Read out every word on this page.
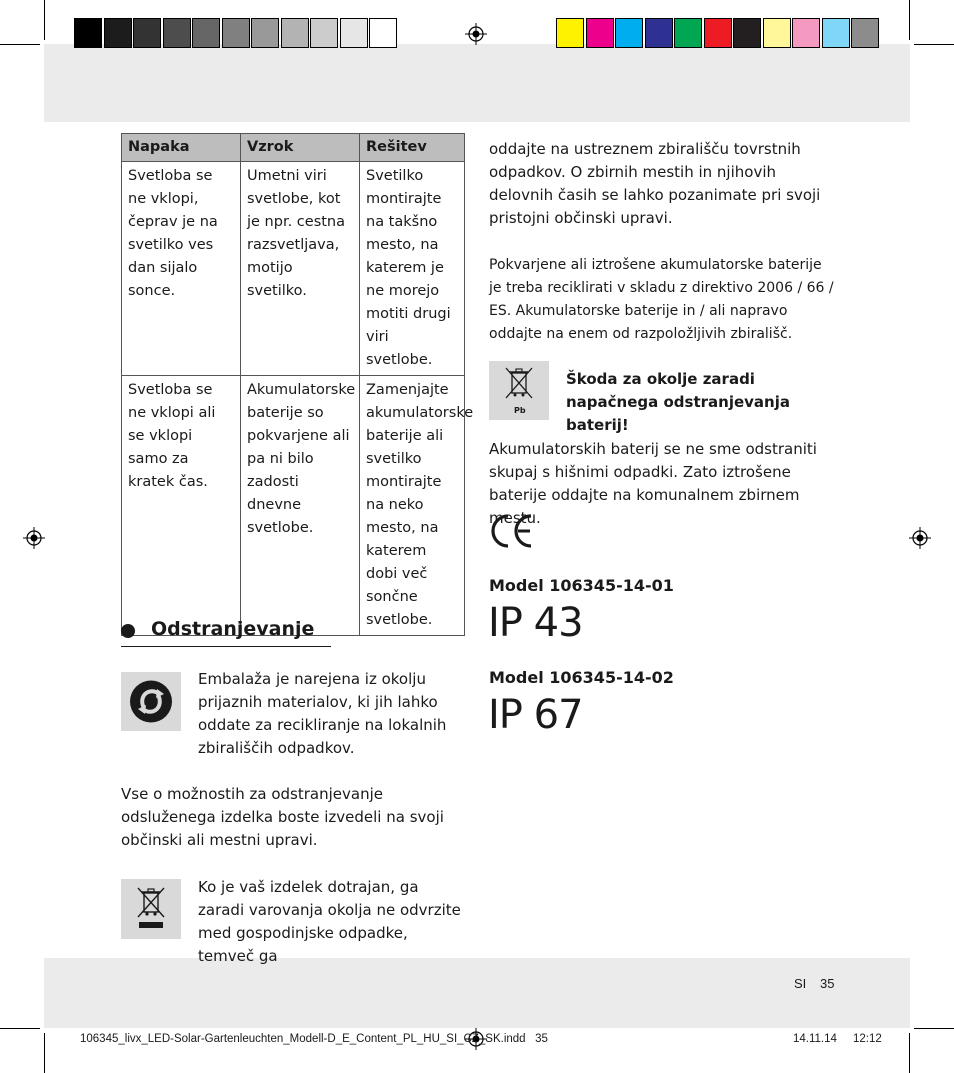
Napaka	Vzrok	Rešitev
Svetloba se ne vklopi, čeprav je na svetilko ves dan sijalo sonce.	Umetni viri svetlobe, kot je npr. cestna razsvetljava, motijo svetilko.	Svetilko montirajte na takšno mesto, na katerem je ne morejo motiti drugi viri svetlobe.
Svetloba se ne vklopi ali se vklopi samo za kratek čas.	Akumulatorske baterije so pokvarjene ali pa ni bilo zadosti dnevne svetlobe.	Zamenjajte akumulatorske baterije ali svetilko montirajte na neko mesto, na katerem dobi več sončne svetlobe.
Odstranjevanje
Embalaža je narejena iz okolju prijaznih materialov, ki jih lahko oddate za recikliranje na lokalnih zbirališčih odpadkov.
Vse o možnostih za odstranjevanje odsluženega izdelka boste izvedeli na svoji občinski ali mestni upravi.
Ko je vaš izdelek dotrajan, ga zaradi varovanja okolja ne odvrzite med gospodinjske odpadke, temveč ga
oddajte na ustreznem zbirališču tovrstnih odpadkov. O zbirnih mestih in njihovih delovnih časih se lahko pozanimate pri svoji pristojni občinski upravi.
Pokvarjene ali iztrošene akumulatorske baterije je treba reciklirati v skladu z direktivo 2006 / 66 / ES. Akumulatorske baterije in / ali napravo oddajte na enem od razpoložljivih zbirališč.
Pb
Škoda za okolje zaradi napačnega odstranjevanja baterij!
Akumulatorskih baterij se ne sme odstraniti skupaj s hišnimi odpadki. Zato iztrošene baterije oddajte na komunalnem zbirnem mestu.
Model 106345-14-01
IP 43
Model 106345-14-02
IP 67
SI 35
106345_livx_LED-Solar-Gartenleuchten_Modell-D_E_Content_PL_HU_SI_CZ_SK.indd   35	14.11.14 12:12
